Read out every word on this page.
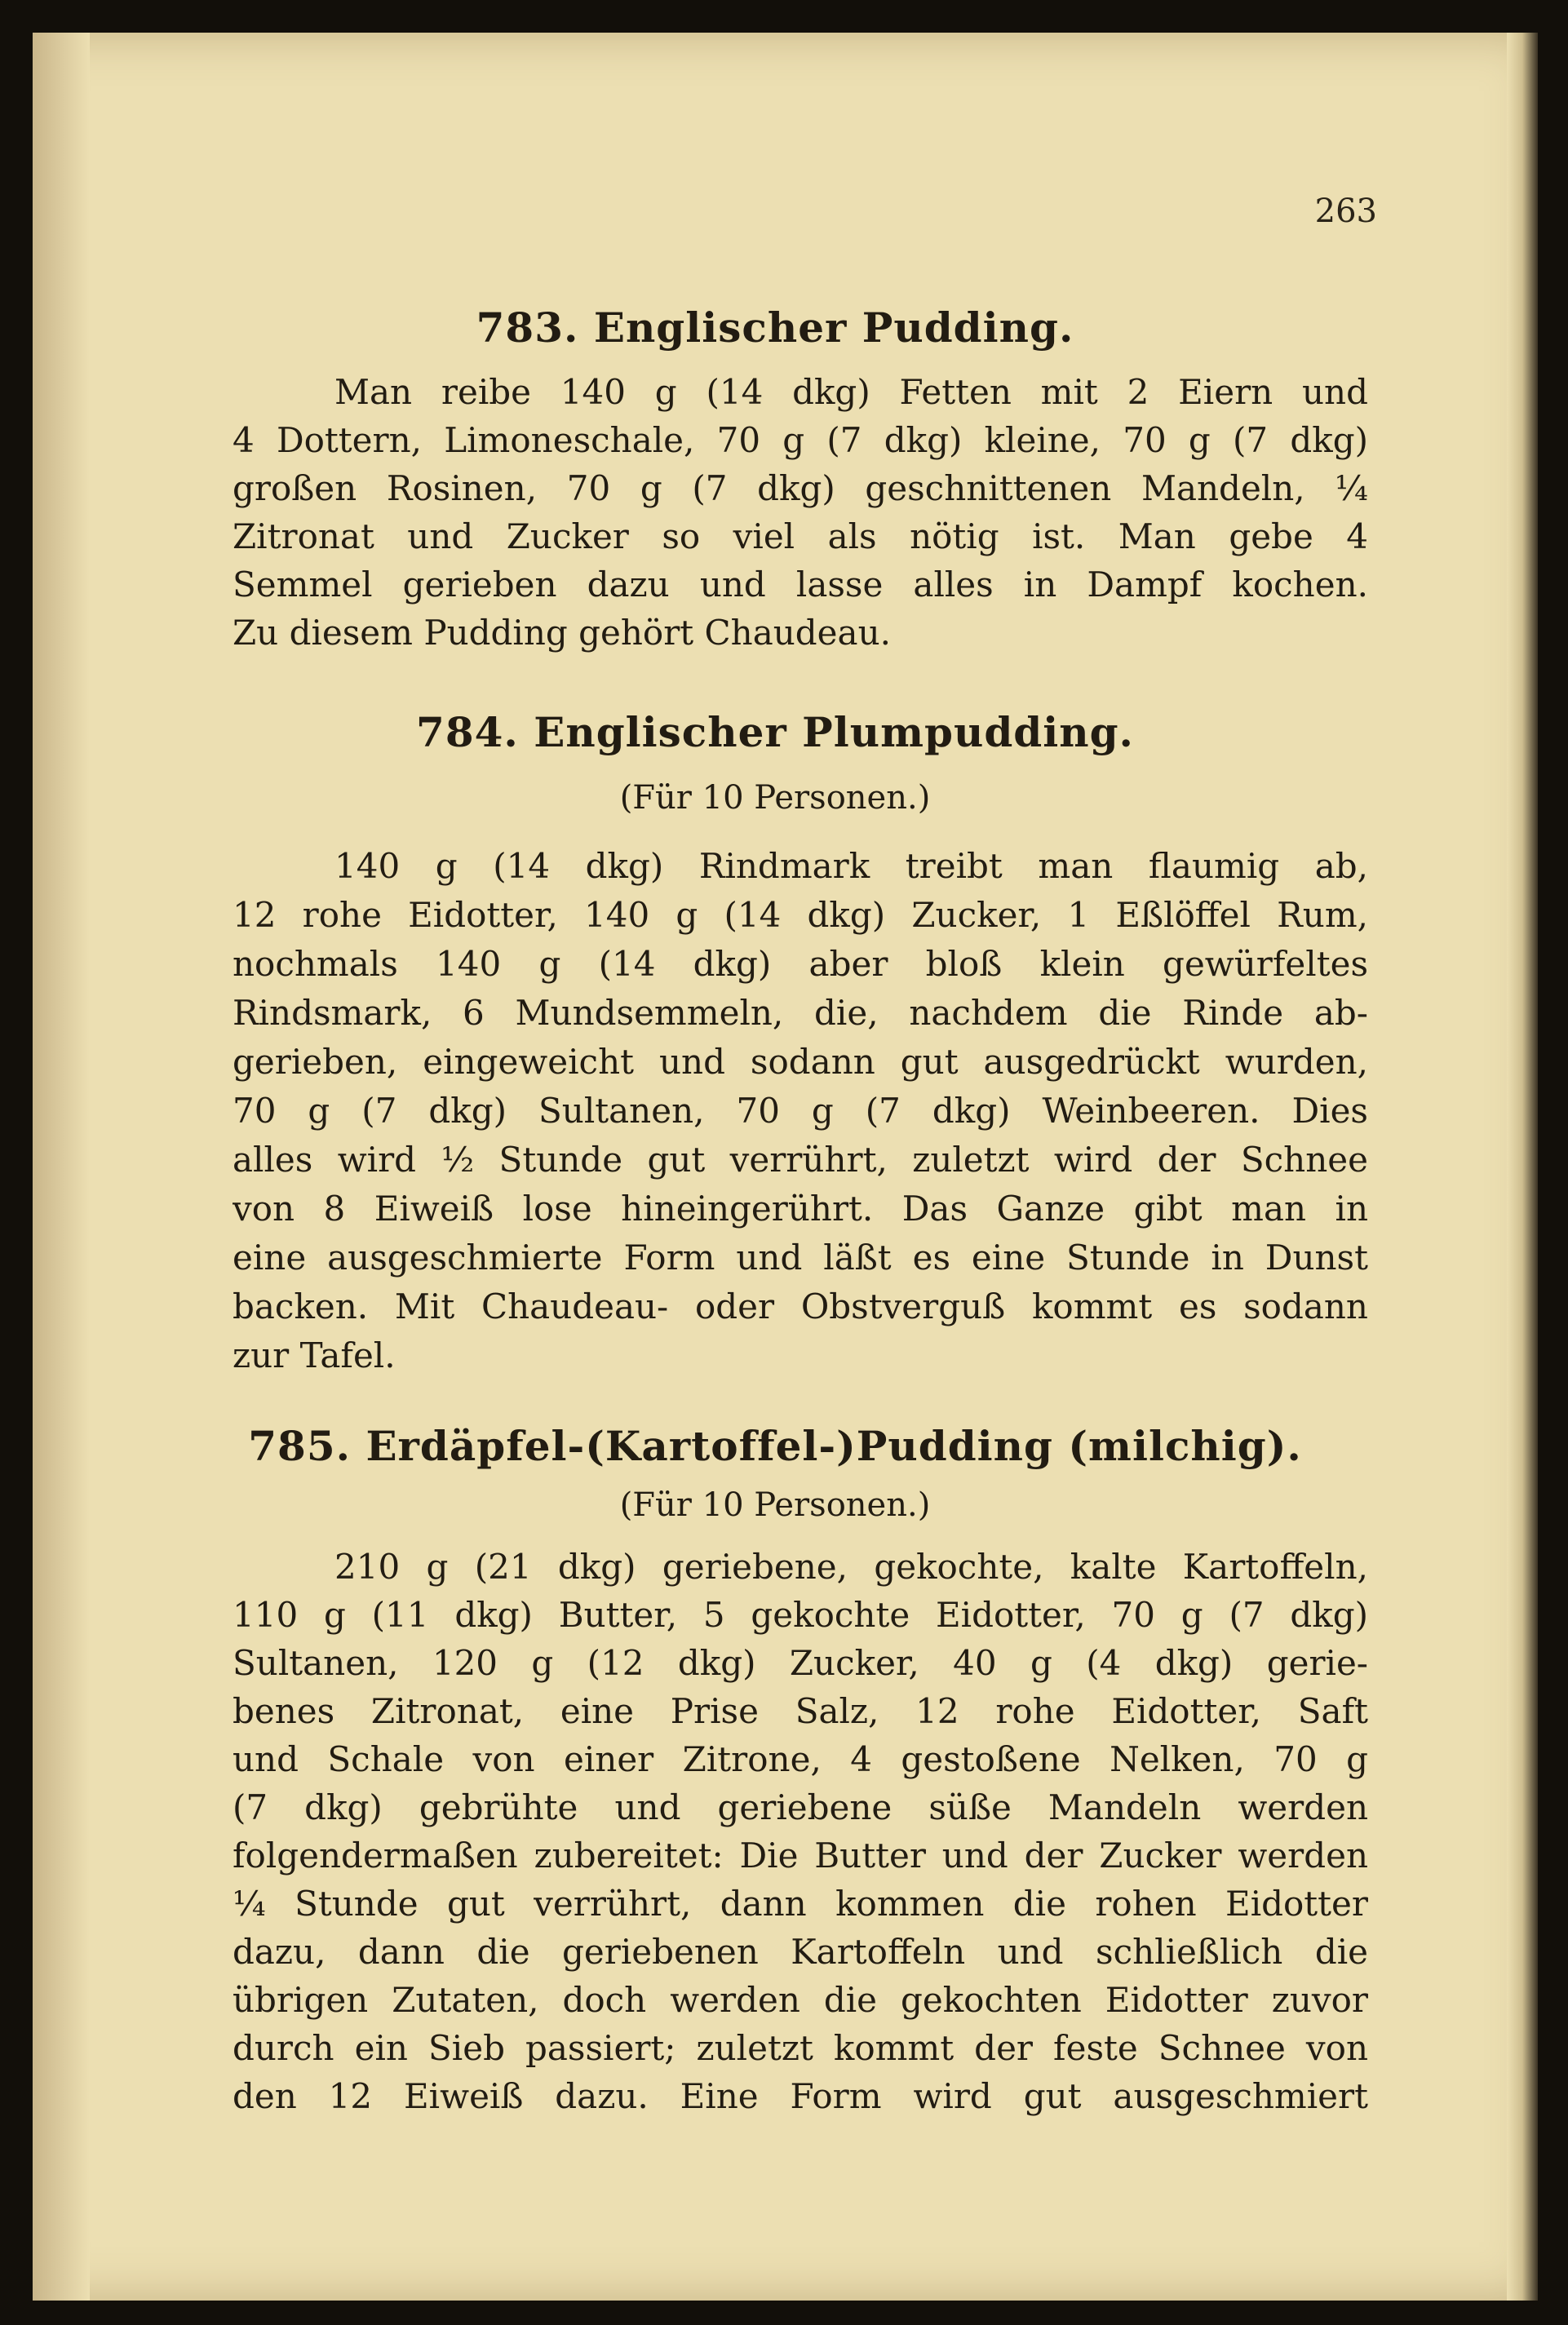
263
783. Englischer Pudding.
Man reibe 140 g (14 dkg) Fetten mit 2 Eiern und
4 Dottern, Limoneschale, 70 g (7 dkg) kleine, 70 g (7 dkg)
großen Rosinen, 70 g (7 dkg) geschnittenen Mandeln, ¼
Zitronat und Zucker so viel als nötig ist. Man gebe 4
Semmel gerieben dazu und lasse alles in Dampf kochen.
Zu diesem Pudding gehört Chaudeau.
784. Englischer Plumpudding.
(Für 10 Personen.)
140 g (14 dkg) Rindmark treibt man flaumig ab,
12 rohe Eidotter, 140 g (14 dkg) Zucker, 1 Eßlöffel Rum,
nochmals 140 g (14 dkg) aber bloß klein gewürfeltes
Rindsmark, 6 Mundsemmeln, die, nachdem die Rinde ab-
gerieben, eingeweicht und sodann gut ausgedrückt wurden,
70 g (7 dkg) Sultanen, 70 g (7 dkg) Weinbeeren. Dies
alles wird ½ Stunde gut verrührt, zuletzt wird der Schnee
von 8 Eiweiß lose hineingerührt. Das Ganze gibt man in
eine ausgeschmierte Form und läßt es eine Stunde in Dunst
backen. Mit Chaudeau- oder Obstverguß kommt es sodann
zur Tafel.
785. Erdäpfel-(Kartoffel-)Pudding (milchig).
(Für 10 Personen.)
210 g (21 dkg) geriebene, gekochte, kalte Kartoffeln,
110 g (11 dkg) Butter, 5 gekochte Eidotter, 70 g (7 dkg)
Sultanen, 120 g (12 dkg) Zucker, 40 g (4 dkg) gerie-
benes Zitronat, eine Prise Salz, 12 rohe Eidotter, Saft
und Schale von einer Zitrone, 4 gestoßene Nelken, 70 g
(7 dkg) gebrühte und geriebene süße Mandeln werden
folgendermaßen zubereitet: Die Butter und der Zucker werden
¼ Stunde gut verrührt, dann kommen die rohen Eidotter
dazu, dann die geriebenen Kartoffeln und schließlich die
übrigen Zutaten, doch werden die gekochten Eidotter zuvor
durch ein Sieb passiert; zuletzt kommt der feste Schnee von
den 12 Eiweiß dazu. Eine Form wird gut ausgeschmiert
